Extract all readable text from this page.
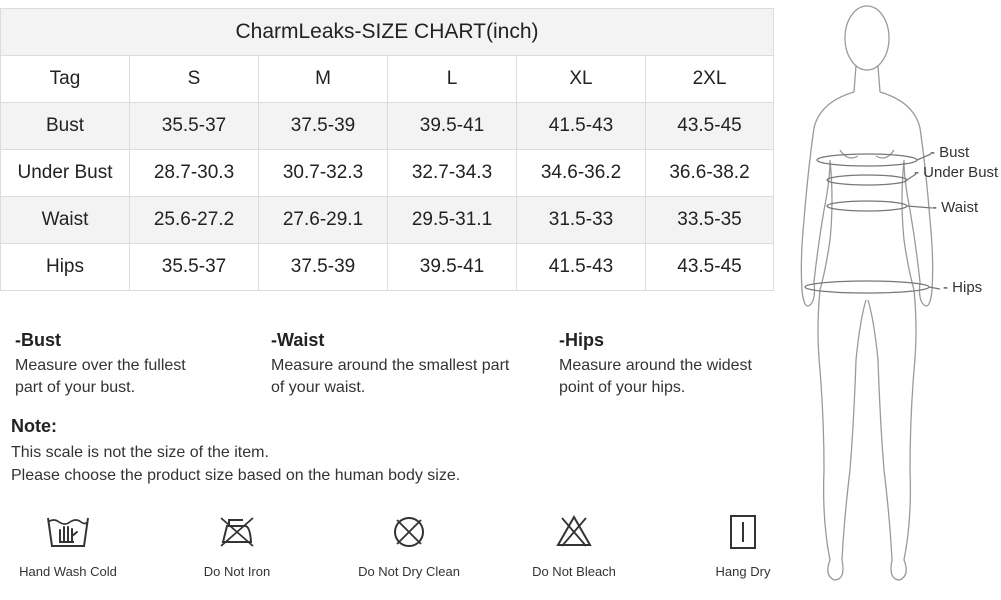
CharmLeaks-SIZE CHART(inch)					
Tag	S	M	L	XL	2XL
Bust	35.5-37	37.5-39	39.5-41	41.5-43	43.5-45
Under Bust	28.7-30.3	30.7-32.3	32.7-34.3	34.6-36.2	36.6-38.2
Waist	25.6-27.2	27.6-29.1	29.5-31.1	31.5-33	33.5-35
Hips	35.5-37	37.5-39	39.5-41	41.5-43	43.5-45
-Bust

Measure over the fullest part of your bust.

-Waist

Measure around the smallest part of your waist.

-Hips

Measure around the widest point of your hips.

Note:

This scale is not the size of the item.

Please choose the product size based on the human body size.

Hand Wash Cold	Do Not Iron	Do Not Dry Clean	Do Not Bleach	Hang Dry
- Bust
- Under Bust
- Waist
- Hips
